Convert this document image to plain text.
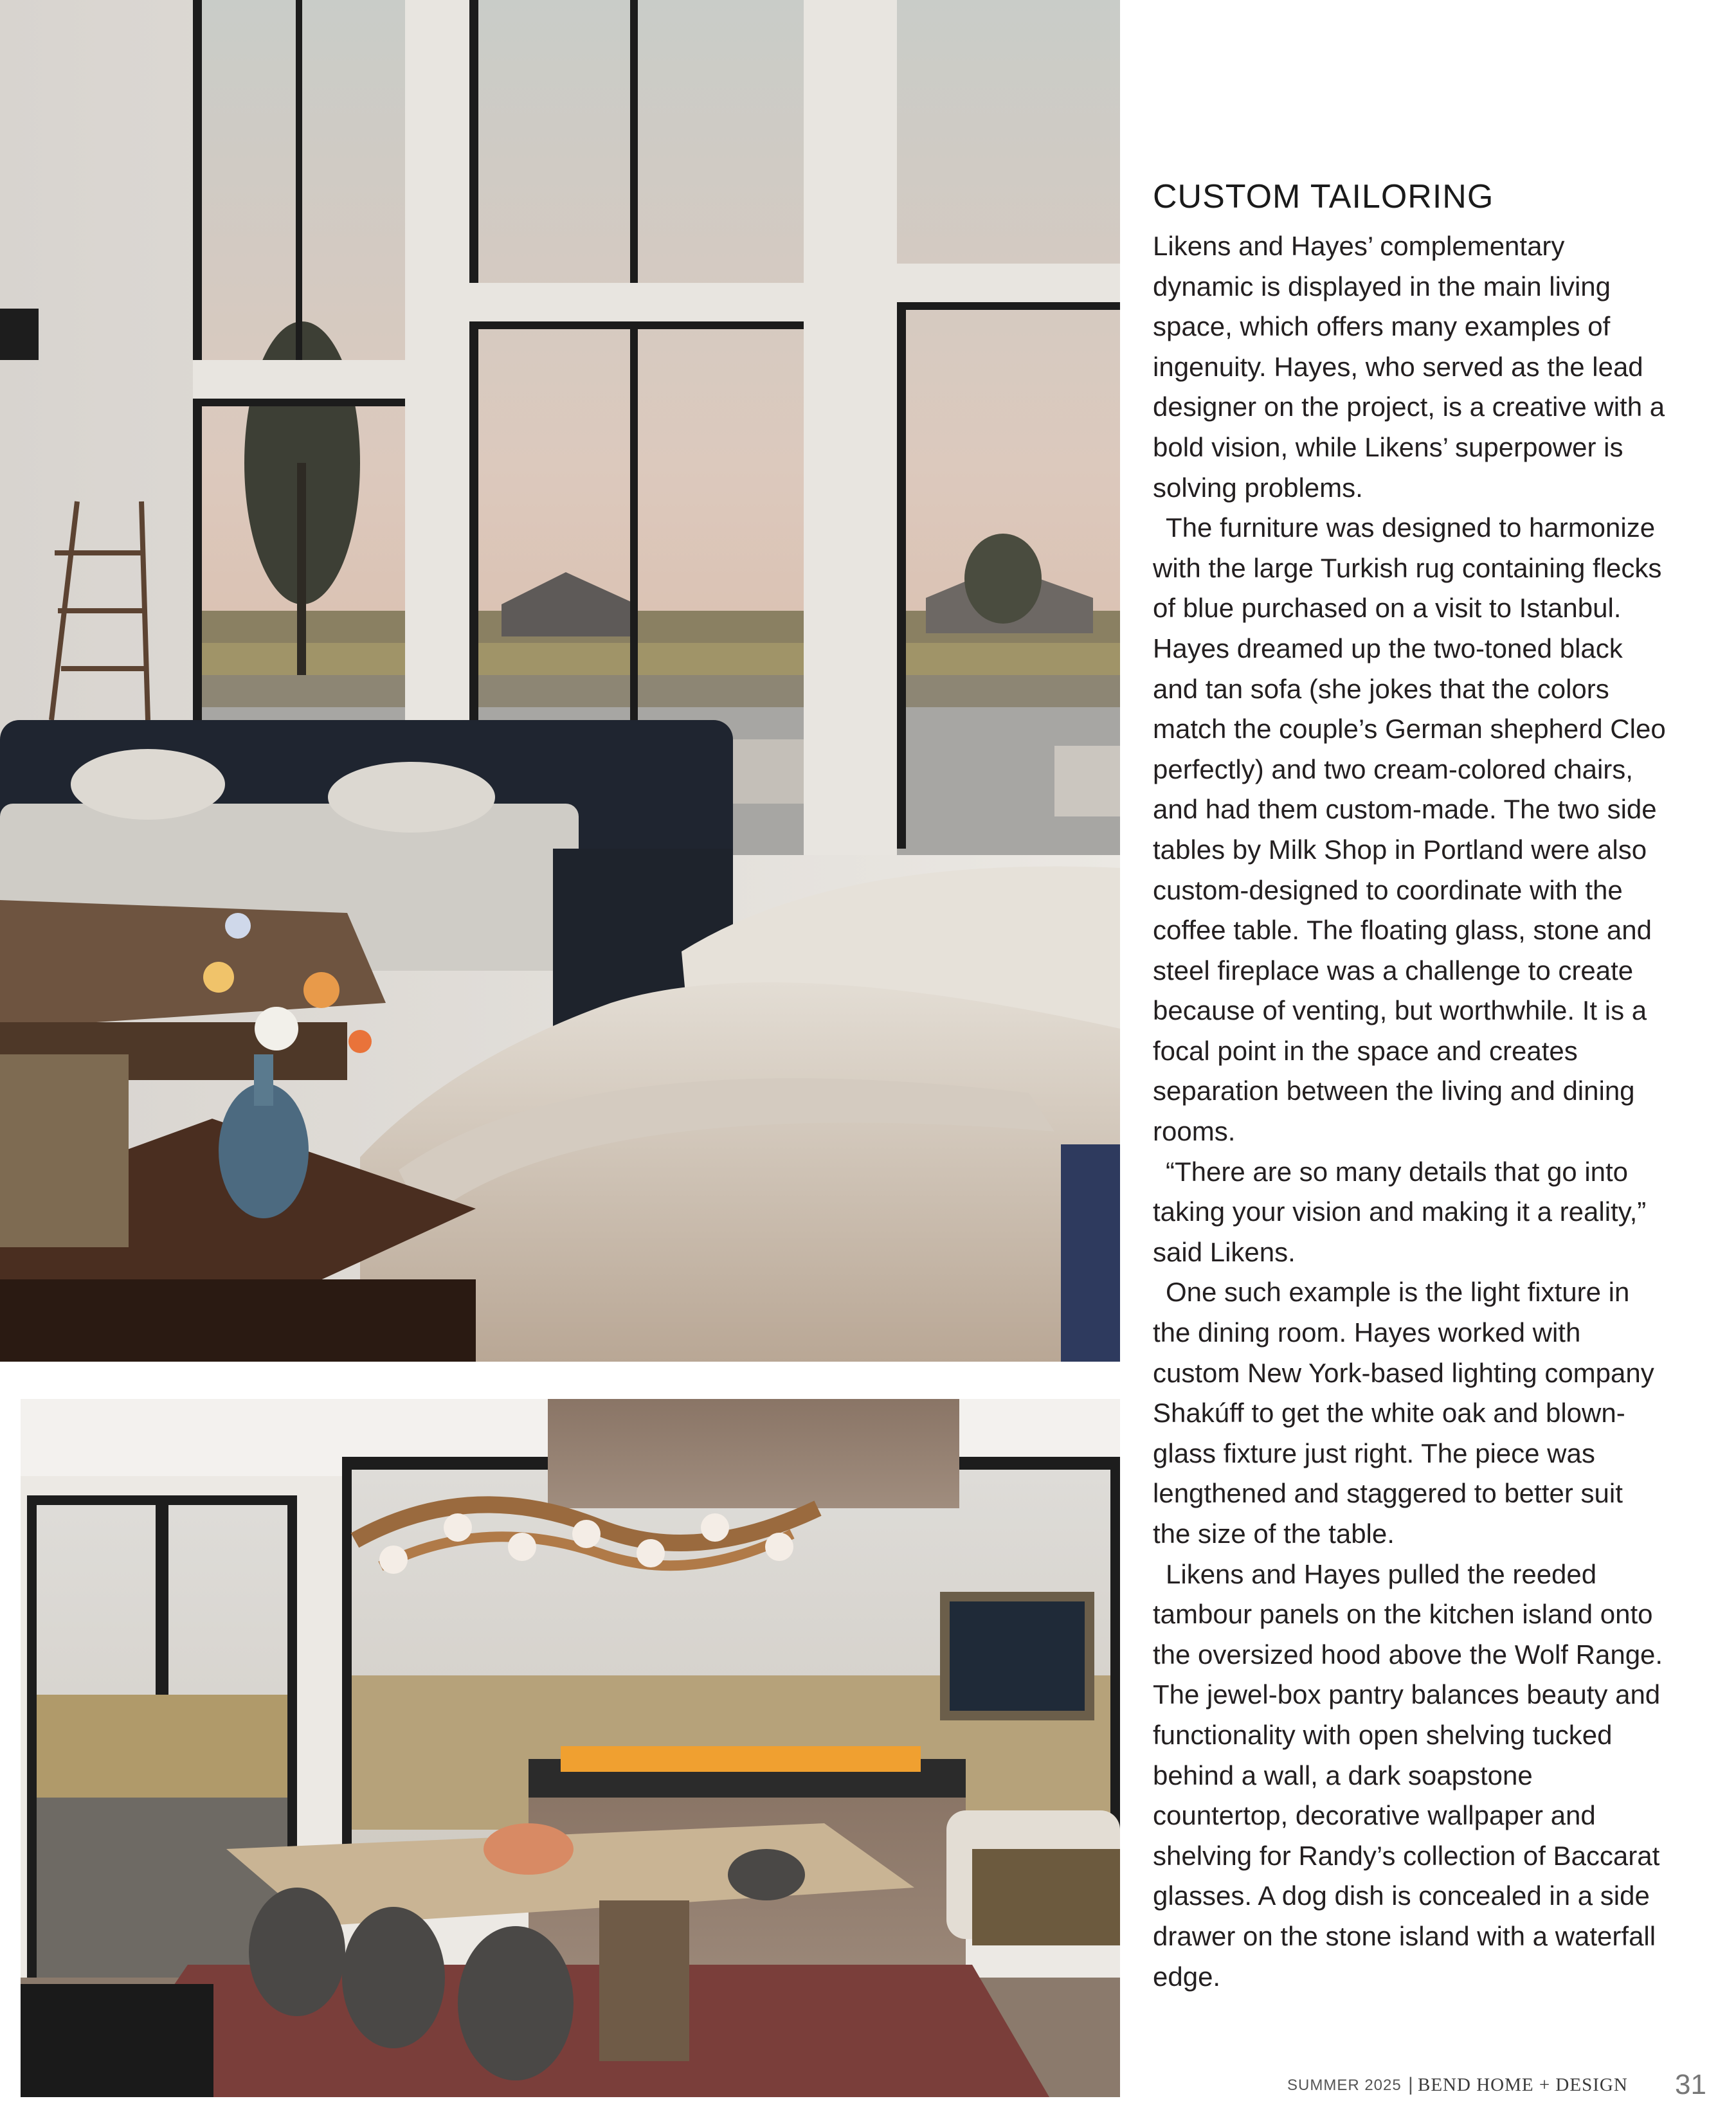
CUSTOM TAILORING

Likens and Hayes’ complementary dynamic is displayed in the main living space, which offers many examples of ingenuity. Hayes, who served as the lead designer on the project, is a creative with a bold vision, while Likens’ superpower is solving problems.

The furniture was designed to harmonize with the large Turkish rug containing flecks of blue purchased on a visit to Istanbul. Hayes dreamed up the two-toned black and tan sofa (she jokes that the colors match the couple’s German shepherd Cleo perfectly) and two cream-colored chairs, and had them custom-made. The two side tables by Milk Shop in Portland were also custom-designed to coordinate with the coffee table. The floating glass, stone and steel fireplace was a challenge to create because of venting, but worthwhile. It is a focal point in the space and creates separation between the living and dining rooms.

“There are so many details that go into taking your vision and making it a reality,” said Likens.

One such example is the light fixture in the dining room. Hayes worked with custom New York-based lighting company Shakúff to get the white oak and blown-glass fixture just right. The piece was lengthened and staggered to better suit the size of the table.

Likens and Hayes pulled the reeded tambour panels on the kitchen island onto the oversized hood above the Wolf Range. The jewel-box pantry balances beauty and functionality with open shelving tucked behind a wall, a dark soapstone countertop, decorative wallpaper and shelving for Randy’s collection of Baccarat glasses. A dog dish is concealed in a side drawer on the stone island with a waterfall edge.

SUMMER 2025 | BEND HOME + DESIGN 31
